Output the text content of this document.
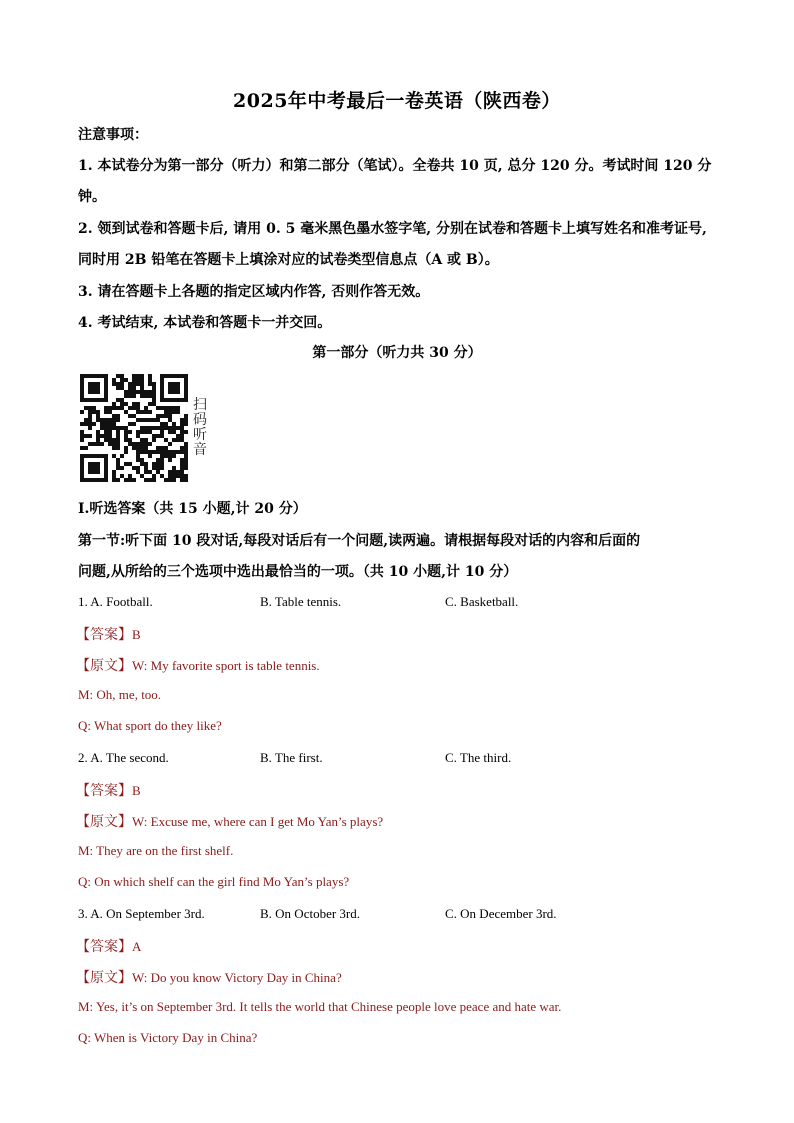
2025年中考最后一卷英语（陕西卷）
注意事项：
1. 本试卷分为第一部分（听力）和第二部分（笔试）。全卷共 10 页, 总分 120 分。考试时间 120 分
钟。
2. 领到试卷和答题卡后, 请用 0. 5 毫米黑色墨水签字笔, 分别在试卷和答题卡上填写姓名和准考证号,
同时用 2B 铅笔在答题卡上填涂对应的试卷类型信息点（A 或 B）。
3. 请在答题卡上各题的指定区域内作答, 否则作答无效。
4. 考试结束, 本试卷和答题卡一并交回。
第一部分（听力共 30 分）
扫码听音
I.听选答案（共 15 小题,计 20 分）
第一节:听下面 10 段对话,每段对话后有一个问题,读两遍。请根据每段对话的内容和后面的
问题,从所给的三个选项中选出最恰当的一项。（共 10 小题,计 10 分）
1. A. Football.	B. Table tennis.	C. Basketball.
【答案】B
【原文】W: My favorite sport is table tennis.
M: Oh, me, too.
Q: What sport do they like?
2. A. The second.	B. The first.	C. The third.
【答案】B
【原文】W: Excuse me, where can I get Mo Yan’s plays?
M: They are on the first shelf.
Q: On which shelf can the girl find Mo Yan’s plays?
3. A. On September 3rd.	B. On October 3rd.	C. On December 3rd.
【答案】A
【原文】W: Do you know Victory Day in China?
M: Yes, it’s on September 3rd. It tells the world that Chinese people love peace and hate war.
Q: When is Victory Day in China?
